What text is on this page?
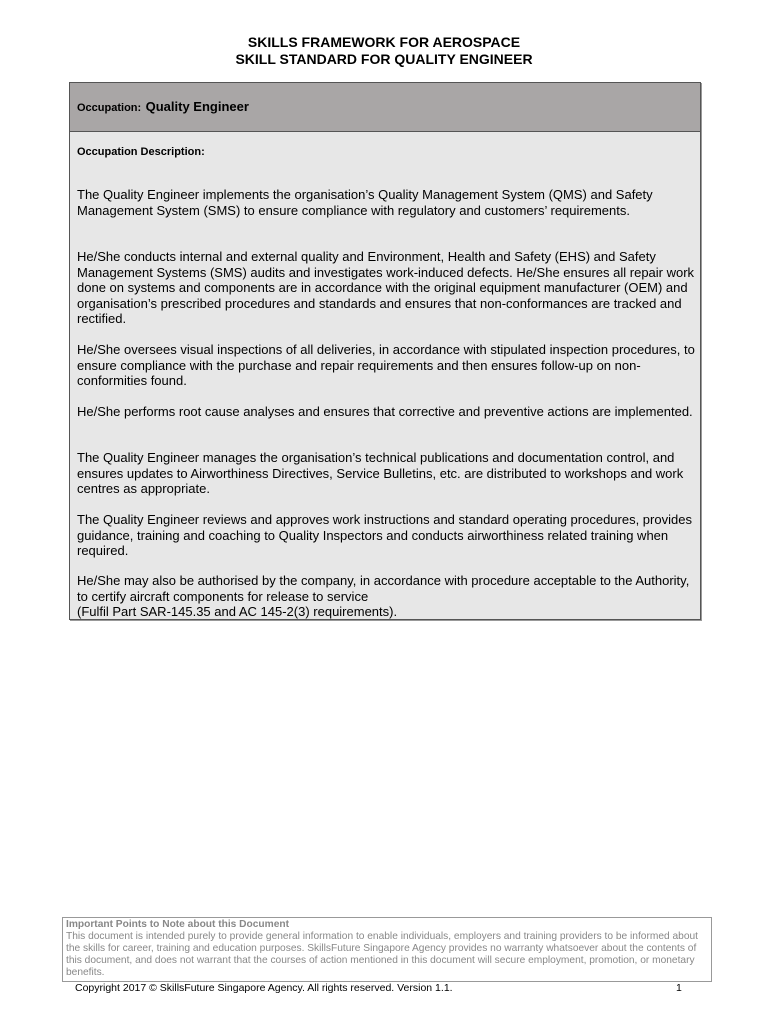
SKILLS FRAMEWORK FOR AEROSPACE
SKILL STANDARD FOR QUALITY ENGINEER
Occupation: Quality Engineer
Occupation Description:
The Quality Engineer implements the organisation’s Quality Management System (QMS) and Safety Management System (SMS) to ensure compliance with regulatory and customers’ requirements.
He/She conducts internal and external quality and Environment, Health and Safety (EHS) and Safety Management Systems (SMS) audits and investigates work-induced defects. He/She ensures all repair work done on systems and components are in accordance with the original equipment manufacturer (OEM) and organisation’s prescribed procedures and standards and ensures that non-conformances are tracked and rectified.
He/She oversees visual inspections of all deliveries, in accordance with stipulated inspection procedures, to ensure compliance with the purchase and repair requirements and then ensures follow-up on non-conformities found.
He/She performs root cause analyses and ensures that corrective and preventive actions are implemented.
The Quality Engineer manages the organisation’s technical publications and documentation control, and ensures updates to Airworthiness Directives, Service Bulletins, etc. are distributed to workshops and work centres as appropriate.
The Quality Engineer reviews and approves work instructions and standard operating procedures, provides guidance, training and coaching to Quality Inspectors and conducts airworthiness related training when required.
He/She may also be authorised by the company, in accordance with procedure acceptable to the Authority, to certify aircraft components for release to service
(Fulfil Part SAR-145.35 and AC 145-2(3) requirements).
Important Points to Note about this Document
This document is intended purely to provide general information to enable individuals, employers and training providers to be informed about the skills for career, training and education purposes. SkillsFuture Singapore Agency provides no warranty whatsoever about the contents of this document, and does not warrant that the courses of action mentioned in this document will secure employment, promotion, or monetary benefits.
Copyright 2017 © SkillsFuture Singapore Agency. All rights reserved. Version 1.1.	1
